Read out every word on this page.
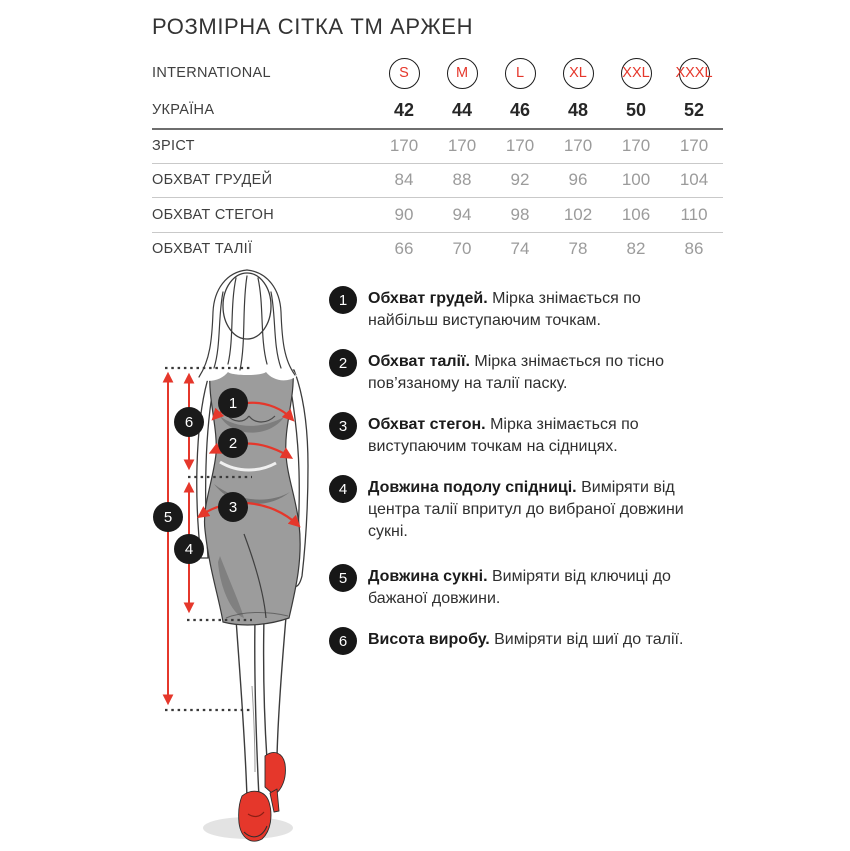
РОЗМІРНА СІТКА ТМ АРЖЕН
INTERNATIONAL	S	M	L	XL	XXL XXXL
УКРАЇНА	42	44	46	48	50	52
ЗРІСТ	170	170	170	170	170	170
ОБХВАТ ГРУДЕЙ	84	88	92	96	100	104
ОБХВАТ СТЕГОН	90	94	98	102	106	110
ОБХВАТ ТАЛІЇ	66	70	74	78	82	86
1
2
3
4
5
6
1	Обхват грудей. Мірка знімається по найбільш виступаючим точкам.
2	Обхват талії. Мірка знімається по тісно пов’язаному на талії паску.
3	Обхват стегон. Мірка знімається по виступаючим точкам на сідницях.
4	Довжина подолу спідниці. Виміряти від центра талії впритул до вибраної довжини сукні.
5	Довжина сукні. Виміряти від ключиці до бажаної довжини.
6	Висота виробу. Виміряти від шиї до талії.
